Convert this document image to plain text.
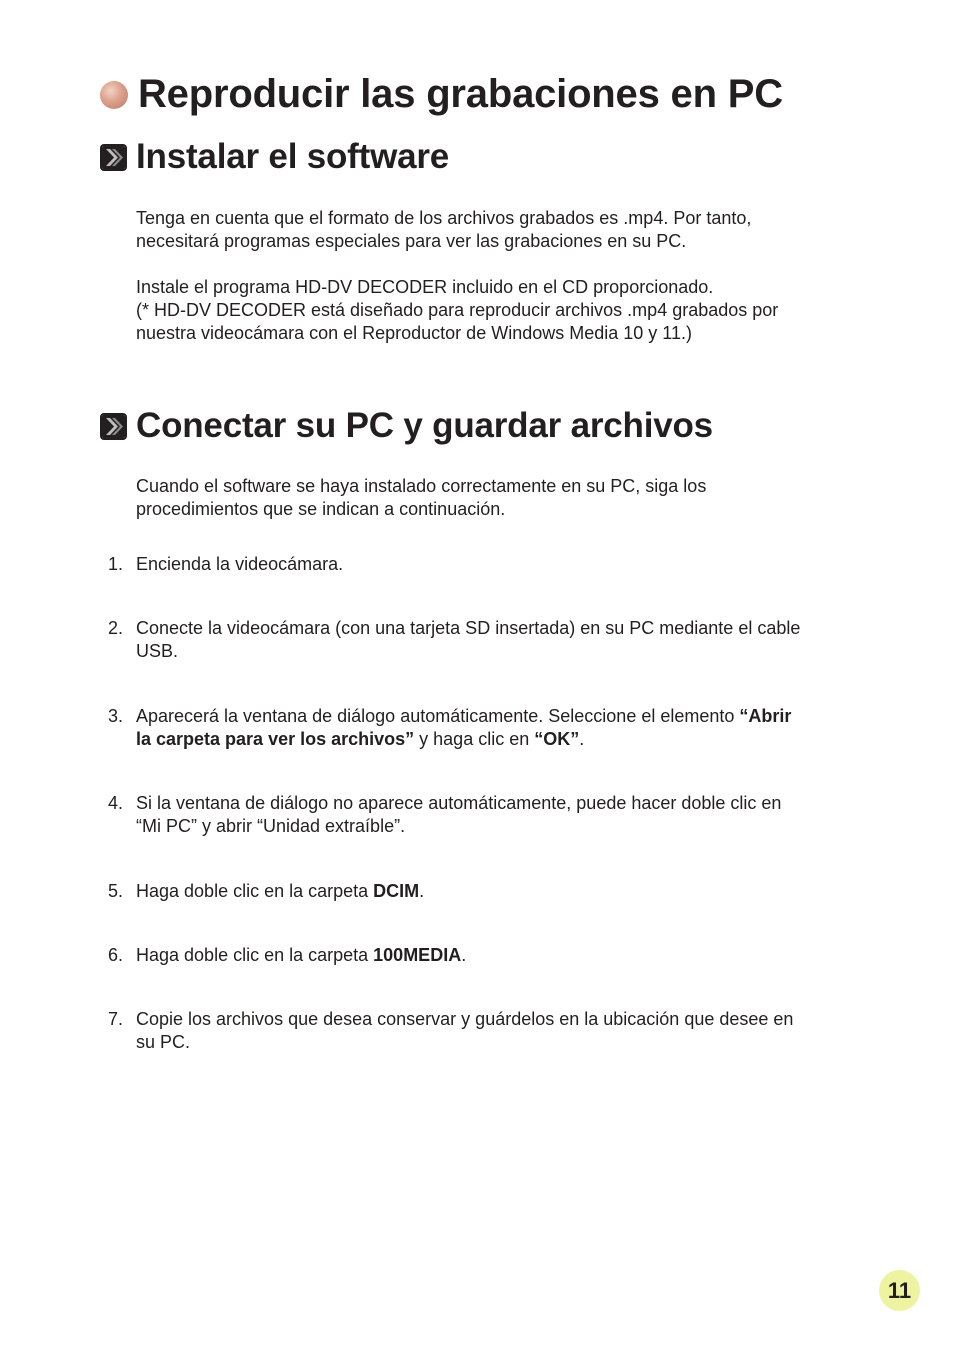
Reproducir las grabaciones en PC
Instalar el software

Tenga en cuenta que el formato de los archivos grabados es .mp4. Por tanto,
necesitará programas especiales para ver las grabaciones en su PC.

Instale el programa HD-DV DECODER incluido en el CD proporcionado.
(* HD-DV DECODER está diseñado para reproducir archivos .mp4 grabados por
nuestra videocámara con el Reproductor de Windows Media 10 y 11.)

Conectar su PC y guardar archivos

Cuando el software se haya instalado correctamente en su PC, siga los
procedimientos que se indican a continuación.

1. Encienda la videocámara.
2. Conecte la videocámara (con una tarjeta SD insertada) en su PC mediante el cable
USB.
3. Aparecerá la ventana de diálogo automáticamente. Seleccione el elemento “Abrir
la carpeta para ver los archivos” y haga clic en “OK”.
4. Si la ventana de diálogo no aparece automáticamente, puede hacer doble clic en
“Mi PC” y abrir “Unidad extraíble”.
5. Haga doble clic en la carpeta DCIM.
6. Haga doble clic en la carpeta 100MEDIA.
7. Copie los archivos que desea conservar y guárdelos en la ubicación que desee en
su PC.
11
